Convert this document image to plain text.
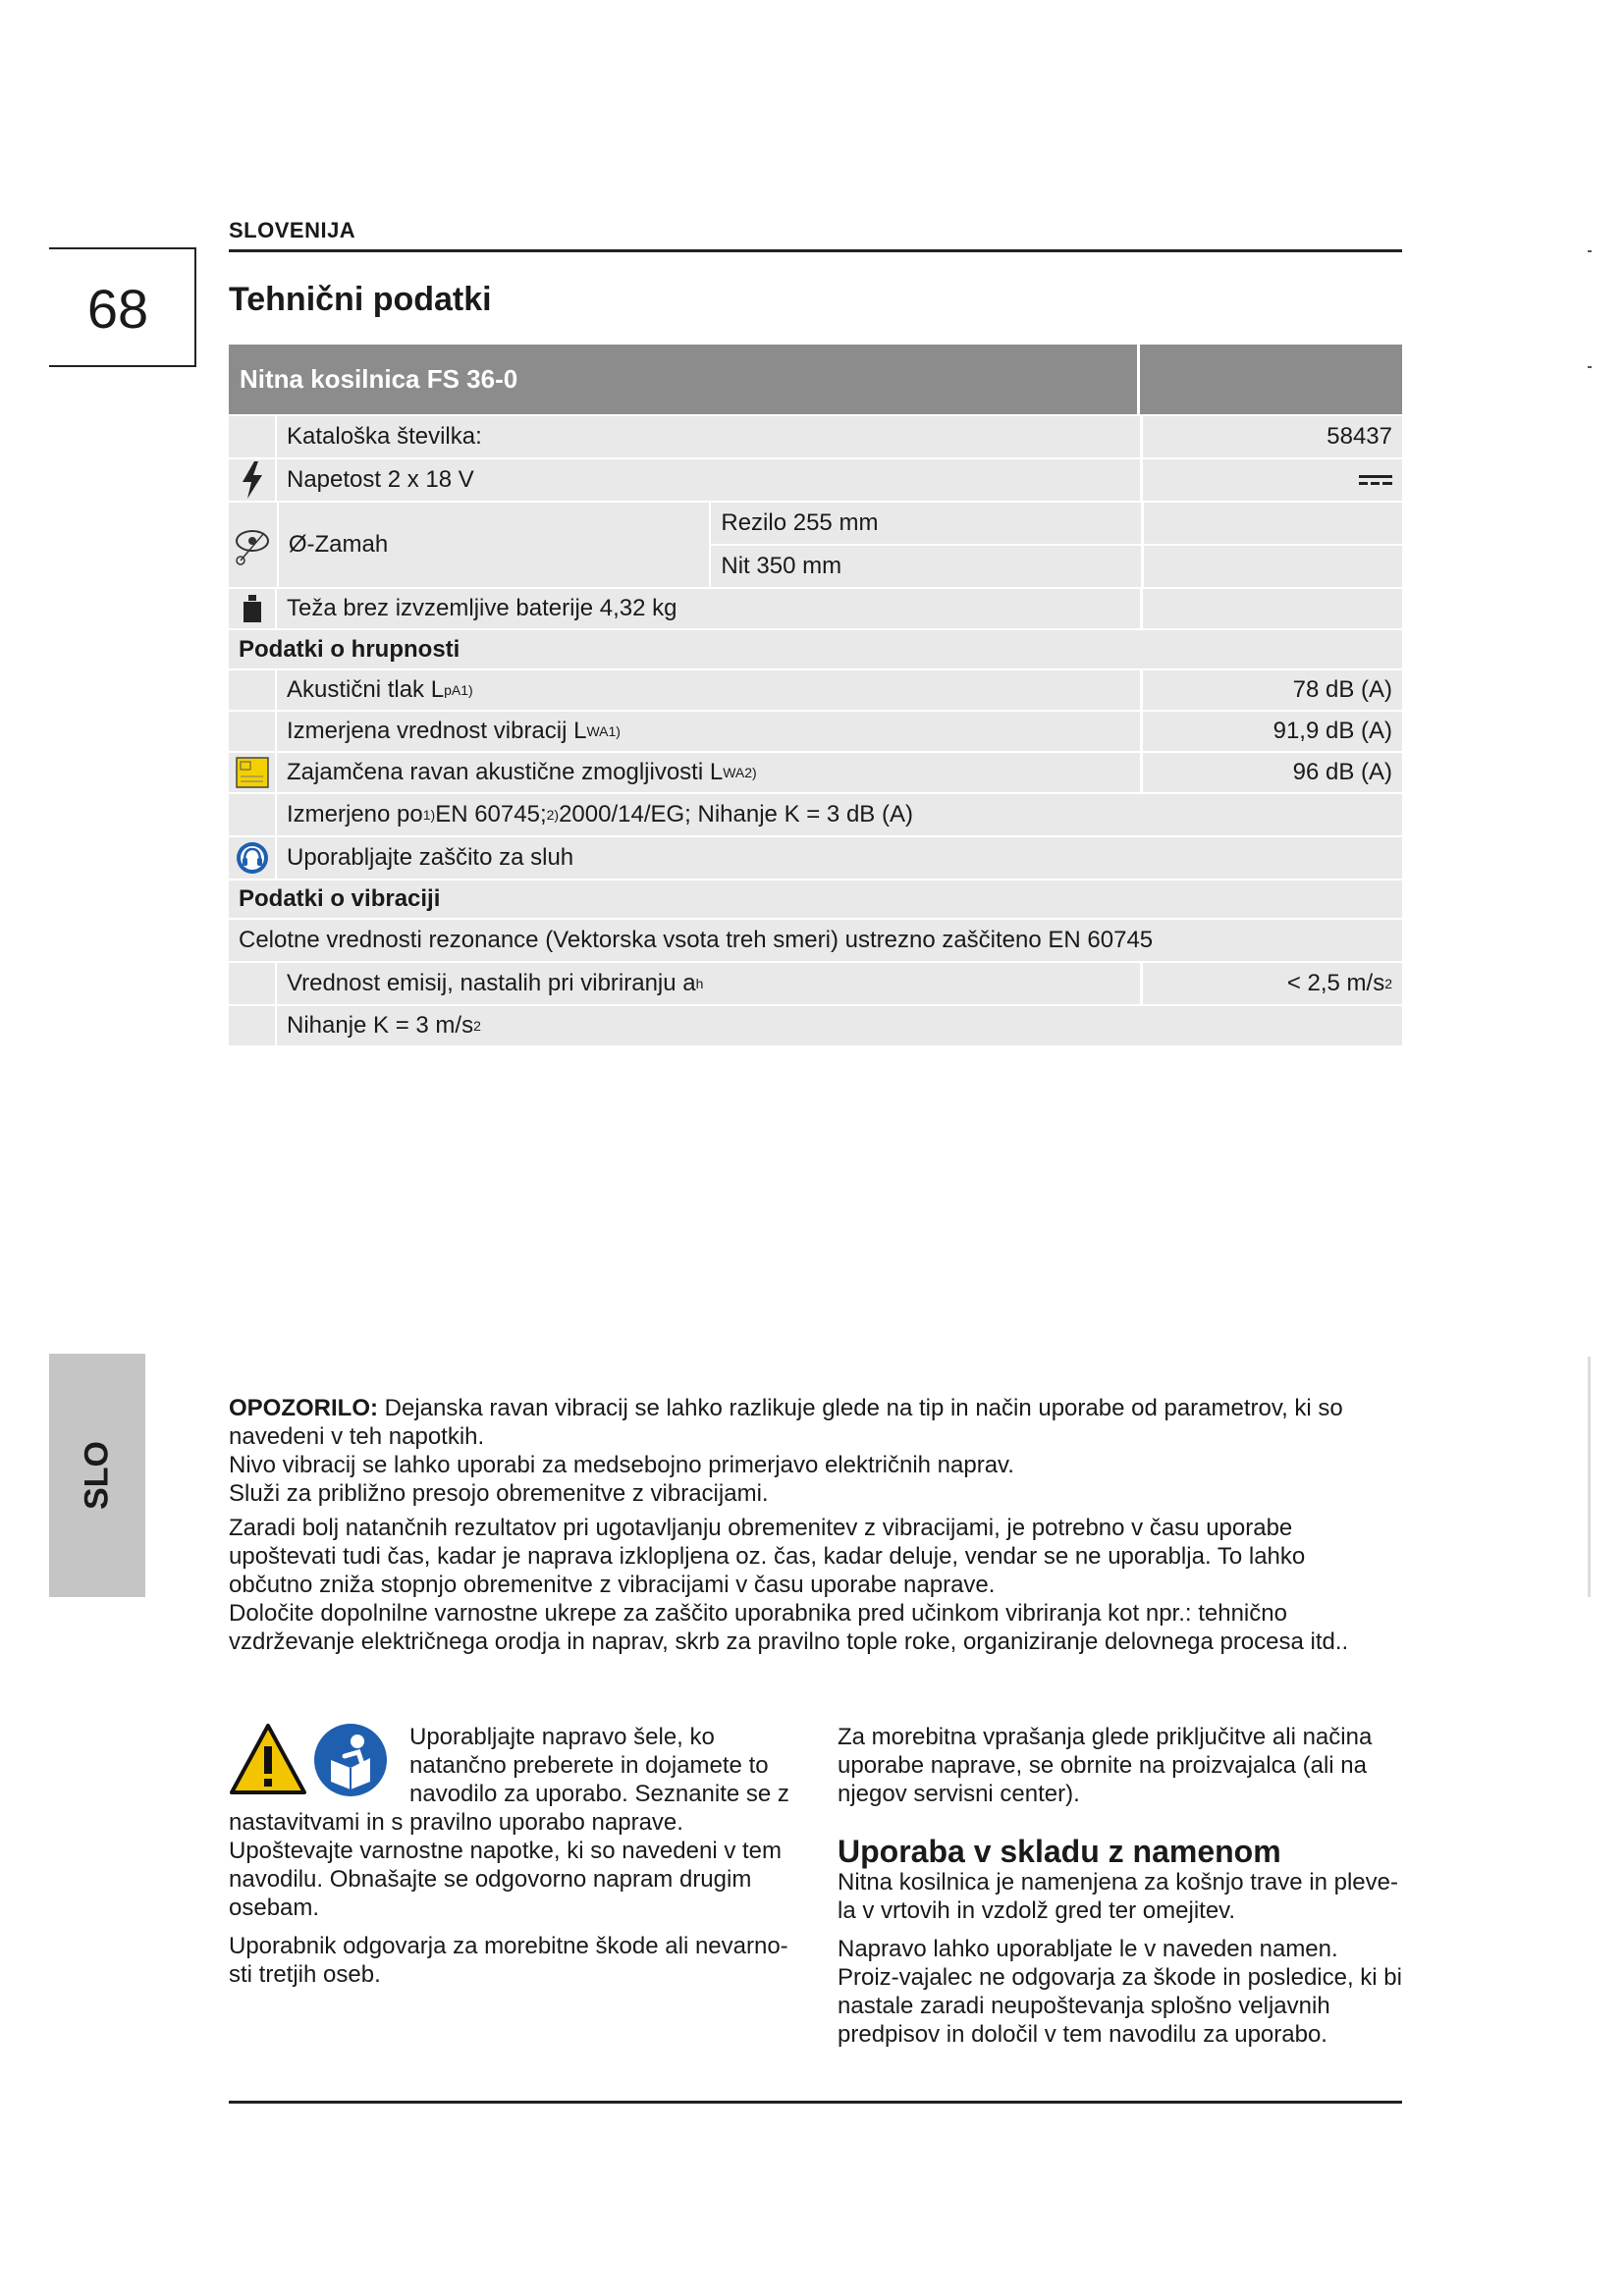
SLOVENIJA
68	Tehnični podatki
Nitna kosilnica FS 36-0
Kataloška številka:	58437
Napetost 2 x 18 V
Ø-Zamah
Rezilo 255 mm
Nit 350 mm
Teža brez izvzemljive baterije 4,32 kg
Podatki o hrupnosti
Akustični tlak L pA 1)	78 dB (A)
Izmerjena vrednost vibracij L WA 1)	91,9 dB (A)
Zajamčena ravan akustične zmogljivosti L WA 2)	96 dB (A)
Izmerjeno po 1) EN 60745; 2) 2000/14/EG; Nihanje K = 3 dB (A)
Uporabljajte zaščito za sluh
Podatki o vibraciji
Celotne vrednosti rezonance (Vektorska vsota treh smeri) ustrezno zaščiteno EN 60745
Vrednost emisij, nastalih pri vibriranju a h	< 2,5 m/s 2
Nihanje K = 3 m/s 2
SLO

OPOZORILO: Dejanska ravan vibracij se lahko razlikuje glede na tip in način uporabe od parametrov, ki so navedeni v teh napotkih.

Nivo vibracij se lahko uporabi za medsebojno primerjavo električnih naprav.

Služi za približno presojo obremenitve z vibracijami.

Zaradi bolj natančnih rezultatov pri ugotavljanju obremenitev z vibracijami, je potrebno v času uporabe upoštevati tudi čas, kadar je naprava izklopljena oz. čas, kadar deluje, vendar se ne uporablja. To lahko občutno zniža stopnjo obremenitve z vibracijami v času uporabe naprave.

Določite dopolnilne varnostne ukrepe za zaščito uporabnika pred učinkom vibriranja kot npr.: tehnično vzdrževanje električnega orodja in naprav, skrb za pravilno tople roke, organiziranje delovnega procesa itd..

Uporabljajte napravo šele, ko natančno preberete in dojamete to navodilo za uporabo. Seznanite se z nastavitvami in s pravilno uporabo naprave. Upoštevajte varnostne napotke, ki so navedeni v tem navodilu. Obnašajte se odgovorno napram drugim osebam.

Uporabnik odgovarja za morebitne škode ali nevarno-sti tretjih oseb.

Za morebitna vprašanja glede priključitve ali načina uporabe naprave, se obrnite na proizvajalca (ali na njegov servisni center).

Uporaba v skladu z namenom

Nitna kosilnica je namenjena za košnjo trave in pleve-la v vrtovih in vzdolž gred ter omejitev.

Napravo lahko uporabljate le v naveden namen. Proiz-vajalec ne odgovarja za škode in posledice, ki bi nastale zaradi neupoštevanja splošno veljavnih predpisov in določil v tem navodilu za uporabo.
